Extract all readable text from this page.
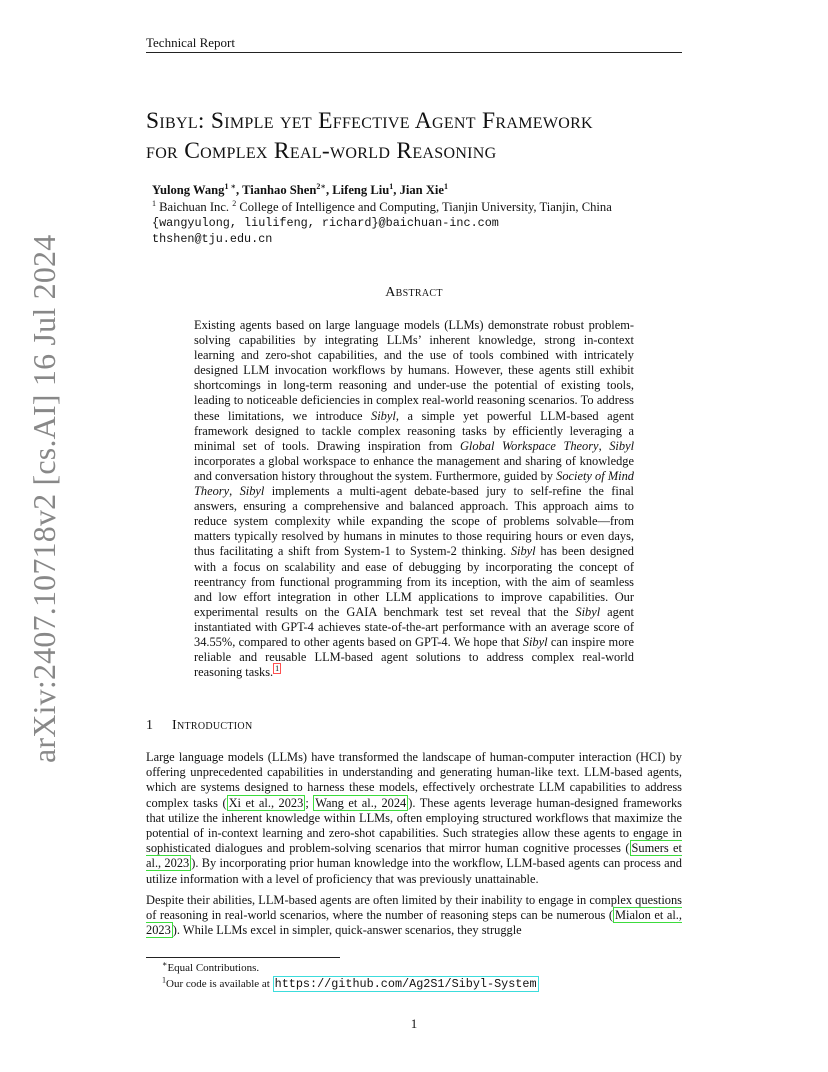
Technical Report
arXiv:2407.10718v2 [cs.AI] 16 Jul 2024
Sibyl: Simple yet Effective Agent Framework
for Complex Real-world Reasoning
Yulong Wang$^{1 ∗}$, Tianhao Shen$^{2∗}$, Lifeng Liu$^1$, Jian Xie$^1$
$^1$ Baichuan Inc. $^2$ College of Intelligence and Computing, Tianjin University, Tianjin, China
{wangyulong, liulifeng, richard}@baichuan-inc.com
thshen@tju.edu.cn
Abstract

Existing agents based on large language models (LLMs) demonstrate robust problem-solving capabilities by integrating LLMs’ inherent knowledge, strong in-context learning and zero-shot capabilities, and the use of tools combined with intricately designed LLM invocation workflows by humans. However, these agents still exhibit shortcomings in long-term reasoning and under-use the potential of existing tools, leading to noticeable deficiencies in complex real-world reasoning scenarios. To address these limitations, we introduce Sibyl, a simple yet powerful LLM-based agent framework designed to tackle complex reasoning tasks by efficiently leveraging a minimal set of tools. Drawing inspiration from Global Workspace Theory, Sibyl incorporates a global workspace to enhance the management and sharing of knowledge and conversation history throughout the system. Furthermore, guided by Society of Mind Theory, Sibyl implements a multi-agent debate-based jury to self-refine the final answers, ensuring a comprehensive and balanced approach. This approach aims to reduce system complexity while expanding the scope of problems solvable—from matters typically resolved by humans in minutes to those requiring hours or even days, thus facilitating a shift from System-1 to System-2 thinking. Sibyl has been designed with a focus on scalability and ease of debugging by incorporating the concept of reentrancy from functional programming from its inception, with the aim of seamless and low effort integration in other LLM applications to improve capabilities. Our experimental results on the GAIA benchmark test set reveal that the Sibyl agent instantiated with GPT-4 achieves state-of-the-art performance with an average score of 34.55%, compared to other agents based on GPT-4. We hope that Sibyl can inspire more reliable and reusable LLM-based agent solutions to address complex real-world reasoning tasks. $^1$

1 Introduction

Large language models (LLMs) have transformed the landscape of human-computer interaction (HCI) by offering unprecedented capabilities in understanding and generating human-like text. LLM-based agents, which are systems designed to harness these models, effectively orchestrate LLM capabilities to address complex tasks ( Xi et al., 2023 ; Wang et al., 2024 ). These agents leverage human-designed frameworks that utilize the inherent knowledge within LLMs, often employing structured workflows that maximize the potential of in-context learning and zero-shot capabilities. Such strategies allow these agents to engage in sophisticated dialogues and problem-solving scenarios that mirror human cognitive processes ( Sumers et al., 2023 ). By incorporating prior human knowledge into the workflow, LLM-based agents can process and utilize information with a level of proficiency that was previously unattainable.

Despite their abilities, LLM-based agents are often limited by their inability to engage in complex questions of reasoning in real-world scenarios, where the number of reasoning steps can be numerous ( Mialon et al., 2023 ). While LLMs excel in simpler, quick-answer scenarios, they struggle

∗Equal Contributions.
$^1$Our code is available at https://github.com/Ag2S1/Sibyl-System
1
